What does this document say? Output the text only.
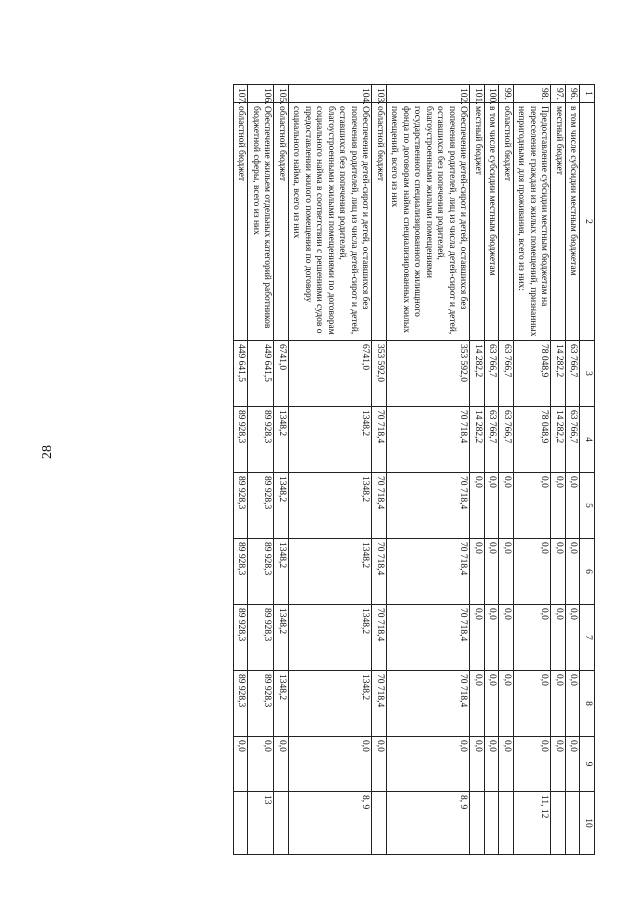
28
1	2	3	4	5	6	7	8	9	10
96.	в том числе субсидии местным бюджетам	63 766,7	63 766,7	0,0	0,0	0,0	0,0	0,0	
97.	местный бюджет	14 282,2	14 282,2	0,0	0,0	0,0	0,0	0,0	
98.	Предоставление субсидии местным бюджетам на переселение граждан из жилых помещений, признанных непригодными для проживания, всего из них:	78 048,9	78 048,9	0,0	0,0	0,0	0,0	0,0	11, 12
99.	областной бюджет	63 766,7	63 766,7	0,0	0,0	0,0	0,0	0,0	
100.	в том числе субсидии местным бюджетам	63 766,7	63 766,7	0,0	0,0	0,0	0,0	0,0	
101.	местный бюджет	14 282,2	14 282,2	0,0	0,0	0,0	0,0	0,0	
102.	Обеспечение детей-сирот и детей, оставшихся без попечения родителей, лиц из числа детей-сирот и детей, оставшихся без попечения родителей, благоустроенными жилыми помещениями государственного специализированного жилищного фонда по договорам найма специализированных жилых помещений, всего из них	353 592,0	70 718,4	70 718,4	70 718,4	70 718,4	70 718,4	0,0	8, 9
103.	областной бюджет	353 592,0	70 718,4	70 718,4	70 718,4	70 718,4	70 718,4	0,0	
104.	Обеспечение детей-сирот и детей, оставшихся без попечения родителей, лиц из числа детей-сирот и детей, оставшихся без попечения родителей, благоустроенными жилыми помещениями по договорам социального найма в соответствии с решениями судов о предоставлении жилого помещения по договору социального найма, всего из них	6741,0	1348,2	1348,2	1348,2	1348,2	1348,2	0,0	8, 9
105.	областной бюджет	6741,0	1348,2	1348,2	1348,2	1348,2	1348,2	0,0	
106.	Обеспечение жильем отдельных категорий работников бюджетной сферы, всего из них	449 641,5	89 928,3	89 928,3	89 928,3	89 928,3	89 928,3	0,0	13
107.	областной бюджет	449 641,5	89 928,3	89 928,3	89 928,3	89 928,3	89 928,3	0,0	
